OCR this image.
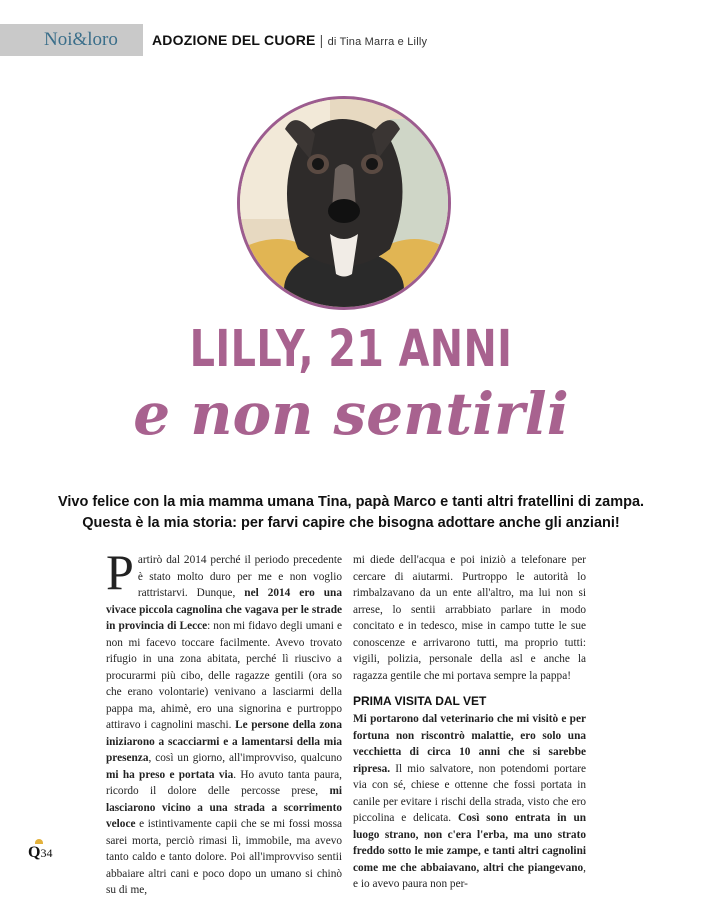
Noi&loro ADOZIONE DEL CUORE | di Tina Marra e Lilly
LILLY, 21 ANNI
e non sentirli
Vivo felice con la mia mamma umana Tina, papà Marco e tanti altri fratellini di zampa.
Questa è la mia storia: per farvi capire che bisogna adottare anche gli anziani!

P artirò dal 2014 perché il periodo precedente è stato molto duro per me e non voglio rattristarvi. Dunque, nel 2014 ero una vivace piccola cagnolina che vagava per le strade in provincia di Lecce: non mi fidavo degli umani e non mi facevo toccare facilmente. Avevo trovato rifugio in una zona abitata, perché lì riuscivo a procurarmi più cibo, delle ragazze gentili (ora so che erano volontarie) venivano a lasciarmi della pappa ma, ahimè, ero una signorina e purtroppo attiravo i cagnolini maschi. Le persone della zona iniziarono a scacciarmi e a lamentarsi della mia presenza, così un giorno, all'improvviso, qualcuno mi ha preso e portata via. Ho avuto tanta paura, ricordo il dolore delle percosse prese, mi lasciarono vicino a una strada a scorrimento veloce e istintivamente capii che se mi fossi mossa sarei morta, perciò rimasi lì, immobile, ma avevo tanto caldo e tanto dolore. Poi all'improvviso sentii abbaiare altri cani e poco dopo un umano si chinò su di me,

mi diede dell'acqua e poi iniziò a telefonare per cercare di aiutarmi. Purtroppo le autorità lo rimbalzavano da un ente all'altro, ma lui non si arrese, lo sentii arrabbiato parlare in modo concitato e in tedesco, mise in campo tutte le sue conoscenze e arrivarono tutti, ma proprio tutti: vigili, polizia, personale della asl e anche la ragazza gentile che mi portava sempre la pappa!

PRIMA VISITA DAL VET

Mi portarono dal veterinario che mi visitò e per fortuna non riscontrò malattie, ero solo una vecchietta di circa 10 anni che si sarebbe ripresa. Il mio salvatore, non potendomi portare via con sé, chiese e ottenne che fossi portata in canile per evitare i rischi della strada, visto che ero piccolina e delicata. Così sono entrata in un luogo strano, non c'era l'erba, ma uno strato freddo sotto le mie zampe, e tanti altri cagnolini come me che abbaiavano, altri che piangevano, e io avevo paura non per-

Q34
